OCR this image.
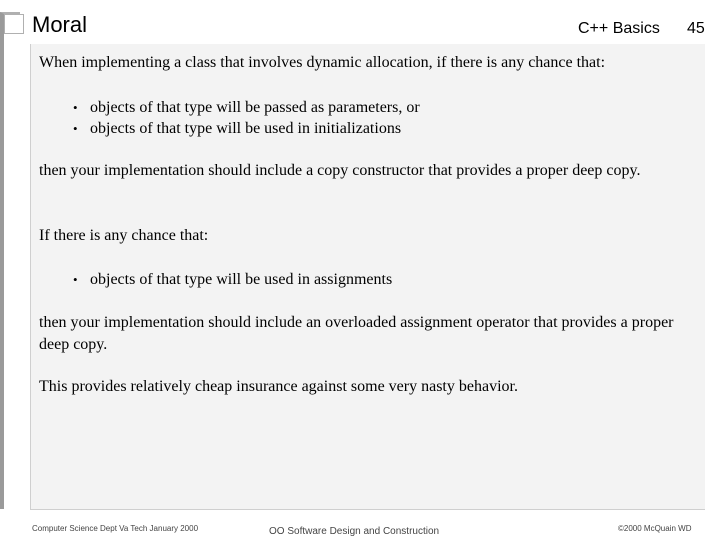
Moral	C++ Basics 45

When implementing a class that involves dynamic allocation, if there is any chance that:

• objects of that type will be passed as parameters, or
• objects of that type will be used in initializations

then your implementation should include a copy constructor that provides a proper deep copy.

If there is any chance that:

• objects of that type will be used in assignments

then your implementation should include an overloaded assignment operator that provides a proper deep copy.

This provides relatively cheap insurance against some very nasty behavior.

Computer Science Dept Va Tech January 2000	OO Software Design and Construction	©2000 McQuain WD
